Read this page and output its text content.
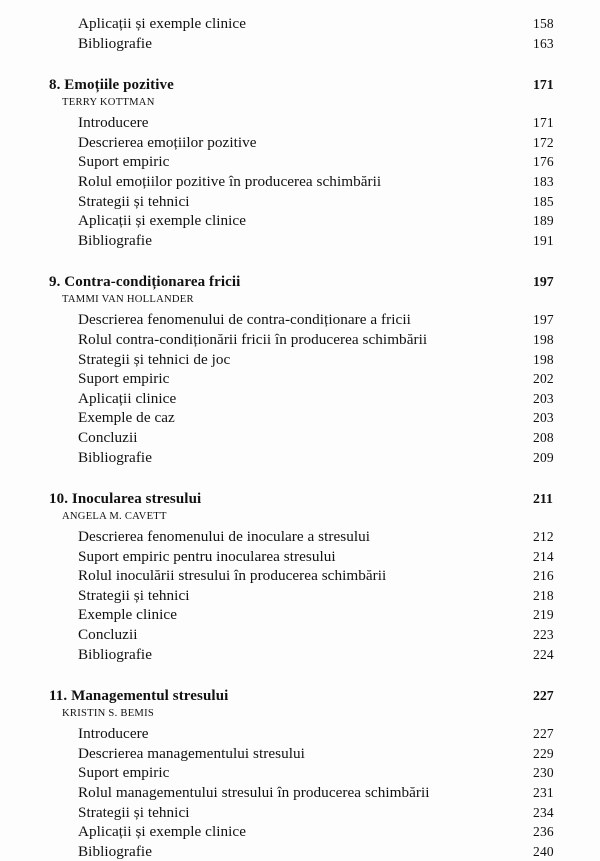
Aplicații și exemple clinice	158
Bibliografie	163
8. Emoțiile pozitive	171
TERRY KOTTMAN
Introducere	171
Descrierea emoțiilor pozitive	172
Suport empiric	176
Rolul emoțiilor pozitive în producerea schimbării	183
Strategii și tehnici	185
Aplicații și exemple clinice	189
Bibliografie	191
9. Contra-condiționarea fricii	197
TAMMI VAN HOLLANDER
Descrierea fenomenului de contra-condiționare a fricii	197
Rolul contra-condiționării fricii în producerea schimbării	198
Strategii și tehnici de joc	198
Suport empiric	202
Aplicații clinice	203
Exemple de caz	203
Concluzii	208
Bibliografie	209
10. Inocularea stresului	211
ANGELA M. CAVETT
Descrierea fenomenului de inoculare a stresului	212
Suport empiric pentru inocularea stresului	214
Rolul inoculării stresului în producerea schimbării	216
Strategii și tehnici	218
Exemple clinice	219
Concluzii	223
Bibliografie	224
11. Managementul stresului	227
KRISTIN S. BEMIS
Introducere	227
Descrierea managementului stresului	229
Suport empiric	230
Rolul managementului stresului în producerea schimbării	231
Strategii și tehnici	234
Aplicații și exemple clinice	236
Bibliografie	240
